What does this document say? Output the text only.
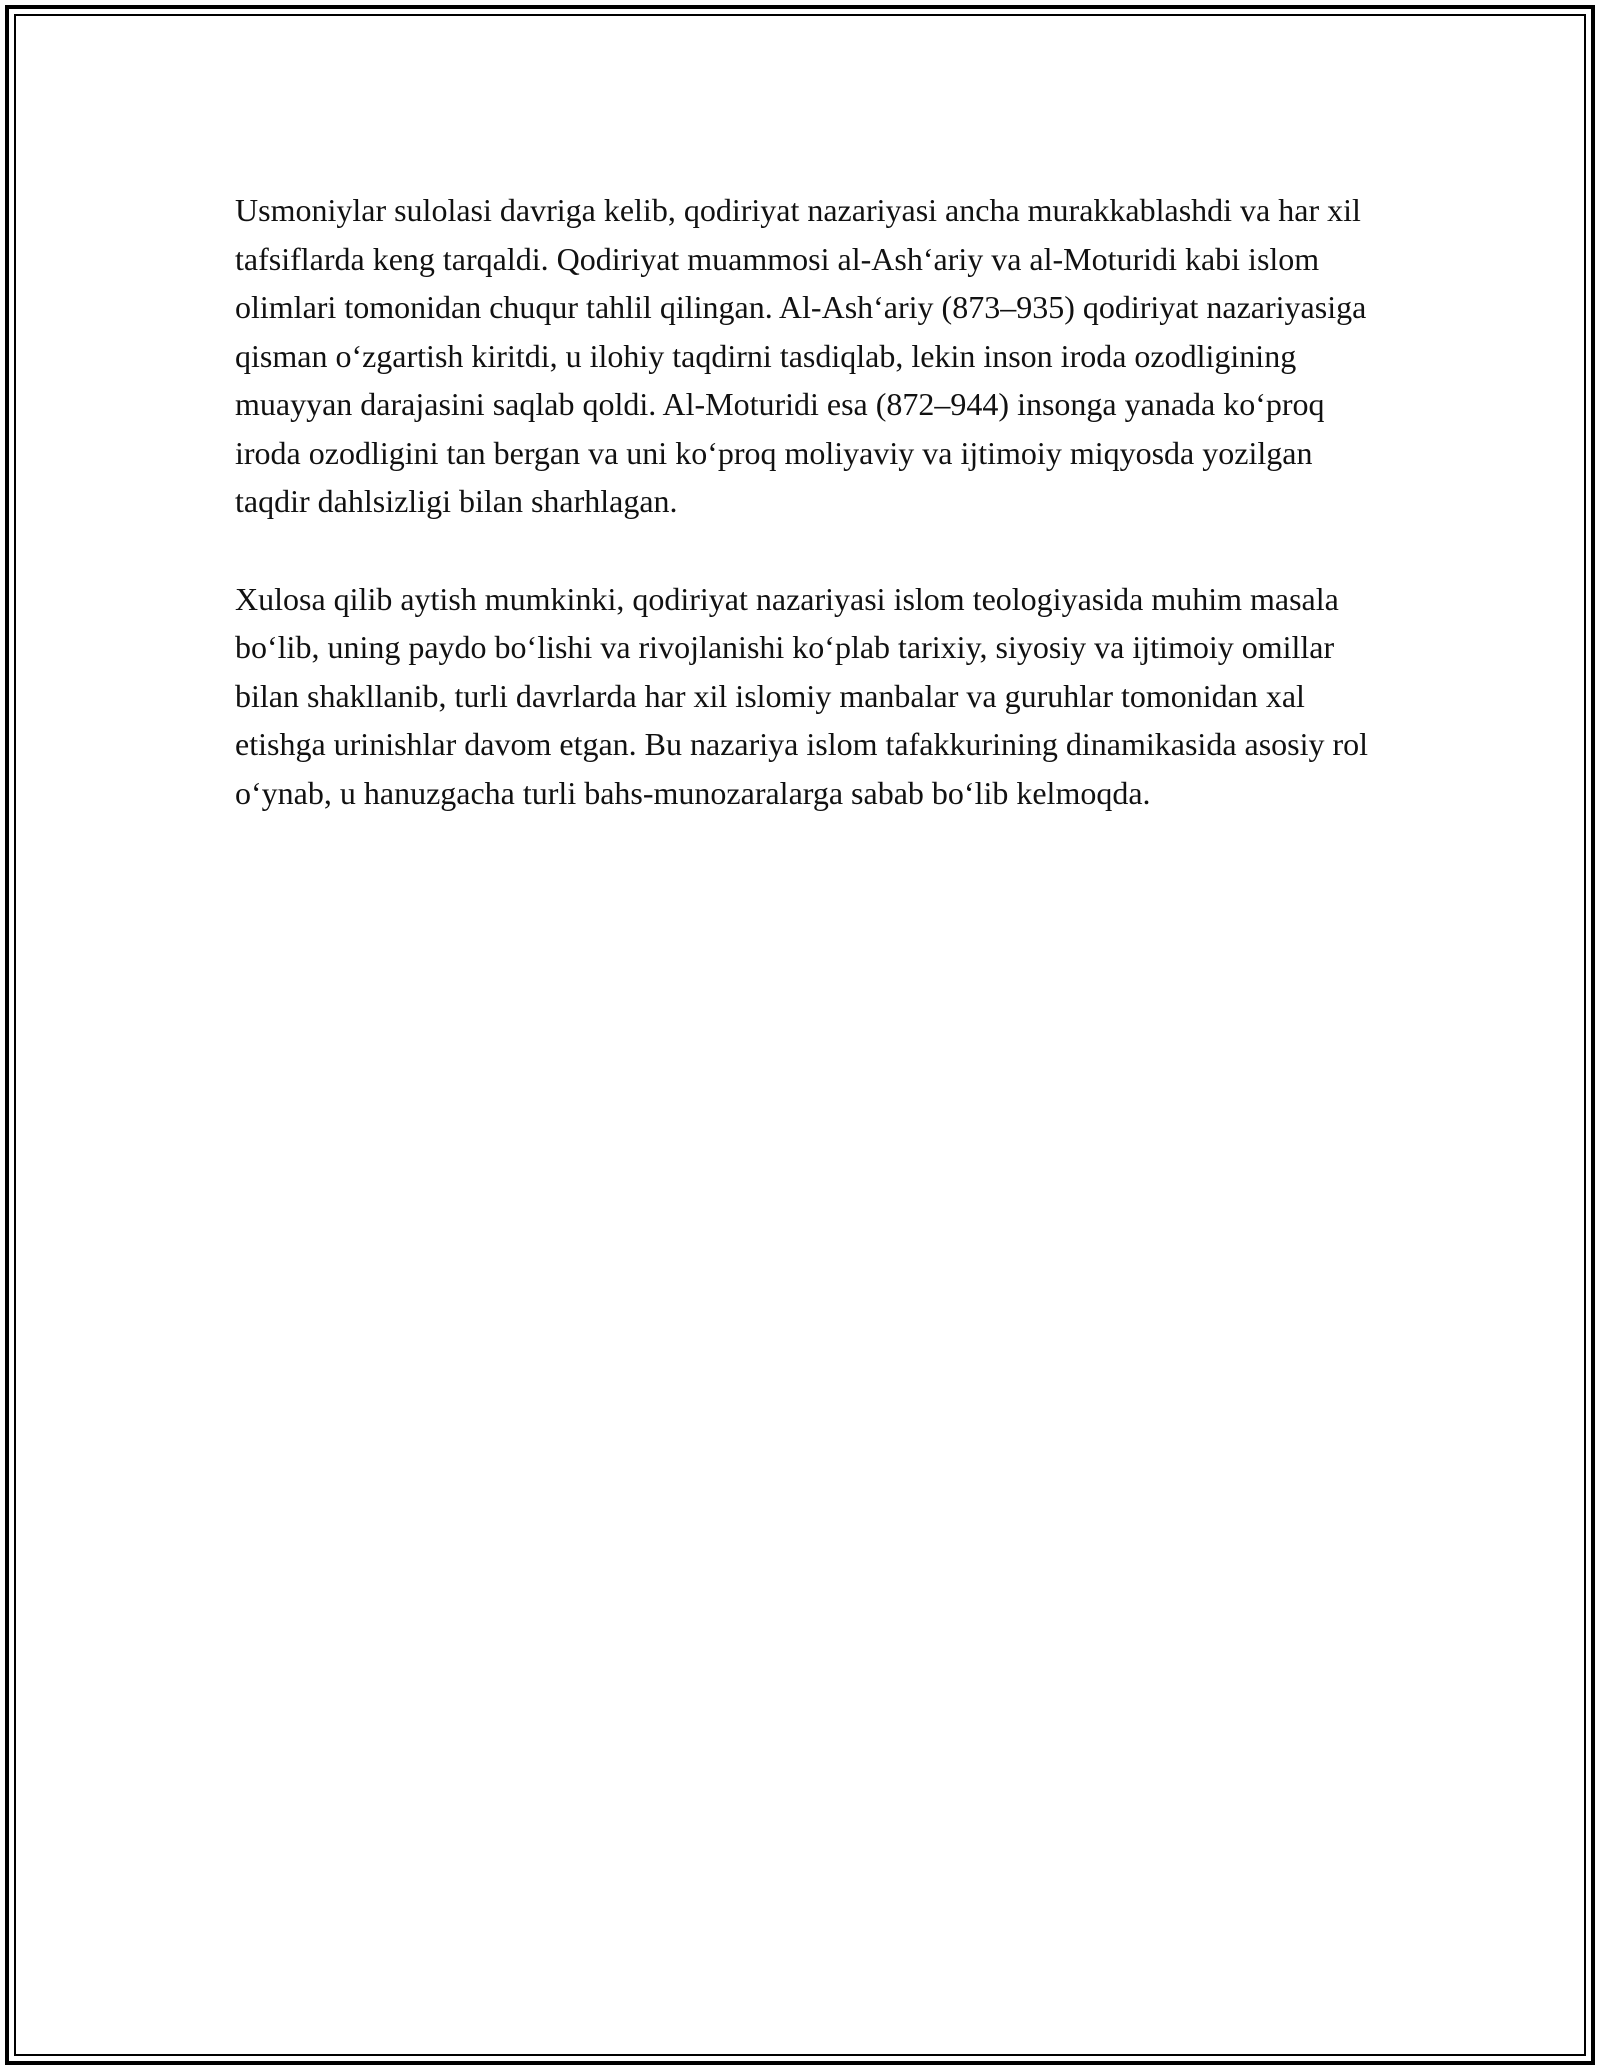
Usmoniylar sulolasi davriga kelib, qodiriyat nazariyasi ancha murakkablashdi va har xil tafsiflarda keng tarqaldi. Qodiriyat muammosi al-Ash‘ariy va al-Moturidi kabi islom olimlari tomonidan chuqur tahlil qilingan. Al-Ash‘ariy (873–935) qodiriyat nazariyasiga qisman o‘zgartish kiritdi, u ilohiy taqdirni tasdiqlab, lekin inson iroda ozodligining muayyan darajasini saqlab qoldi. Al-Moturidi esa (872–944) insonga yanada ko‘proq iroda ozodligini tan bergan va uni ko‘proq moliyaviy va ijtimoiy miqyosda yozilgan taqdir dahlsizligi bilan sharhlagan.

Xulosa qilib aytish mumkinki, qodiriyat nazariyasi islom teologiyasida muhim masala bo‘lib, uning paydo bo‘lishi va rivojlanishi ko‘plab tarixiy, siyosiy va ijtimoiy omillar bilan shakllanib, turli davrlarda har xil islomiy manbalar va guruhlar tomonidan xal etishga urinishlar davom etgan. Bu nazariya islom tafakkurining dinamikasida asosiy rol o‘ynab, u hanuzgacha turli bahs-munozaralarga sabab bo‘lib kelmoqda.
